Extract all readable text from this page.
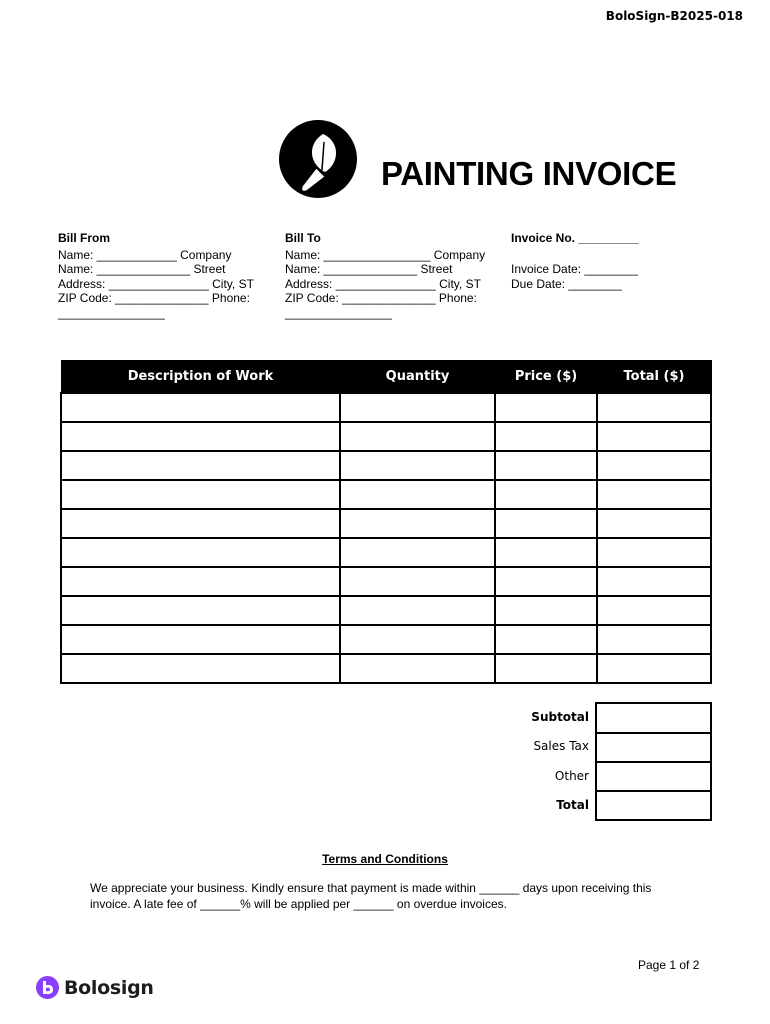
BoloSign-B2025-018
PAINTING INVOICE
Bill From
Name: ____________ Company
Name: ______________ Street
Address: _______________ City, ST
ZIP Code: ______________ Phone:
________________
Bill To
Name: ________________ Company
Name: ______________ Street
Address: _______________ City, ST
ZIP Code: ______________ Phone:
________________
Invoice No. _________
Invoice Date: ________
Due Date: ________
Description of Work	Quantity	Price ($)	Total ($)

Subtotal
Sales Tax
Other
Total
Terms and Conditions
We appreciate your business. Kindly ensure that payment is made within ______ days upon receiving this invoice. A late fee of ______% will be applied per ______ on overdue invoices.
Page 1 of 2
Bolosign
